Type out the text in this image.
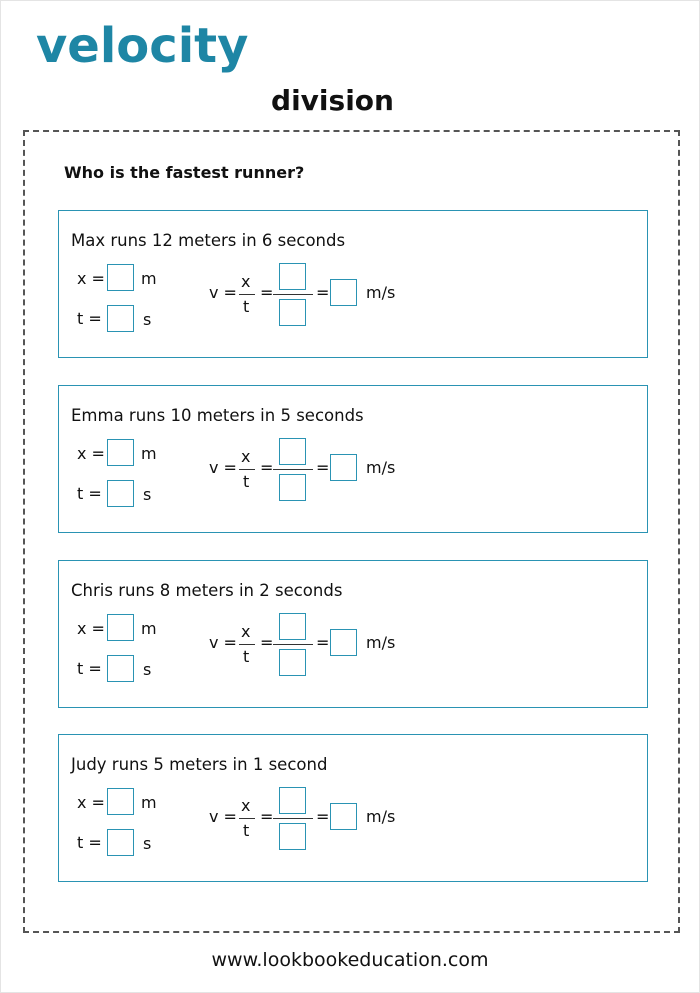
velocity
division
Who is the fastest runner?
Max runs 12 meters in 6 seconds
x = m
t =	s
v =
x
t
=	= m/s
Emma runs 10 meters in 5 seconds
x = m
t =	s
v =
x
t
=	= m/s
Chris runs 8 meters in 2 seconds
x = m
t =	s
v =
x
t
=	= m/s
Judy runs 5 meters in 1 second
x = m
t =	s
v =
x
t
=	= m/s
www.lookbookeducation.com
